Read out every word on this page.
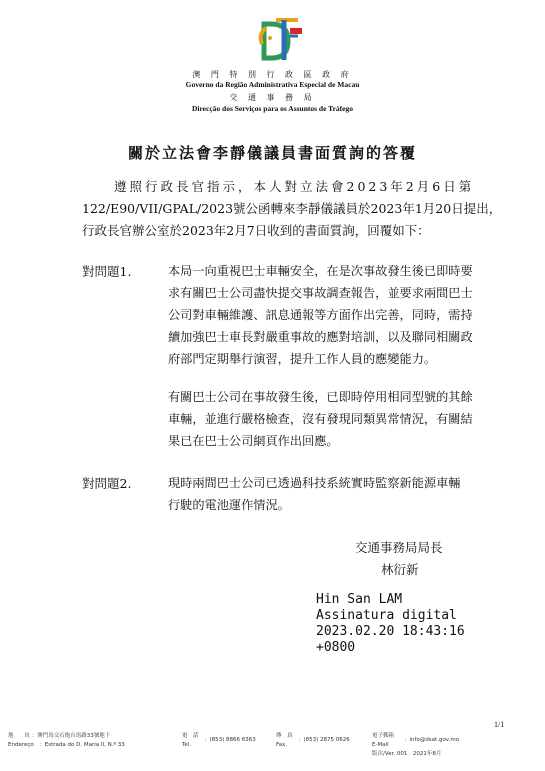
澳 門 特 別 行 政 區 政 府
Governo da Região Administrativa Especial de Macau
交 通 事 務 局
Direcção dos Serviços para os Assuntos de Tráfego
關於立法會李靜儀議員書面質詢的答覆
遵照行政長官指示，本人對立法會2023年2月6日第
122/E90/VII/GPAL/2023號公函轉來李靜儀議員於2023年1月20日提出，
行政長官辦公室於2023年2月7日收到的書面質詢，回覆如下：
對問題1.	本局一向重視巴士車輛安全，在是次事故發生後已即時要
求有關巴士公司盡快提交事故調查報告，並要求兩間巴士
公司對車輛維護、訊息通報等方面作出完善，同時，需持
續加強巴士車長對嚴重事故的應對培訓，以及聯同相關政
府部門定期舉行演習，提升工作人員的應變能力。
有關巴士公司在事故發生後，已即時停用相同型號的其餘
車輛，並進行嚴格檢查，沒有發現同類異常情況，有關結
果已在巴士公司網頁作出回應。
對問題2.	現時兩間巴士公司已透過科技系統實時監察新能源車輛
行駛的電池運作情況。
交通事務局局長
林衍新
Hin San LAM
Assinatura digital
2023.02.20 18:43:16
+0800
1/1
地　　址 ：澳門馬交石炮台馬路33號地下
Endereço　：Estrada do D. Maria II, N.º 33
電　話
Tel.
：(853) 8866 6363
傳　真
Fax.
：(853) 2875 0626
電子郵箱
E-Mail
：info@dsat.gov.mo
版次/Ver. 001　2021年8月
